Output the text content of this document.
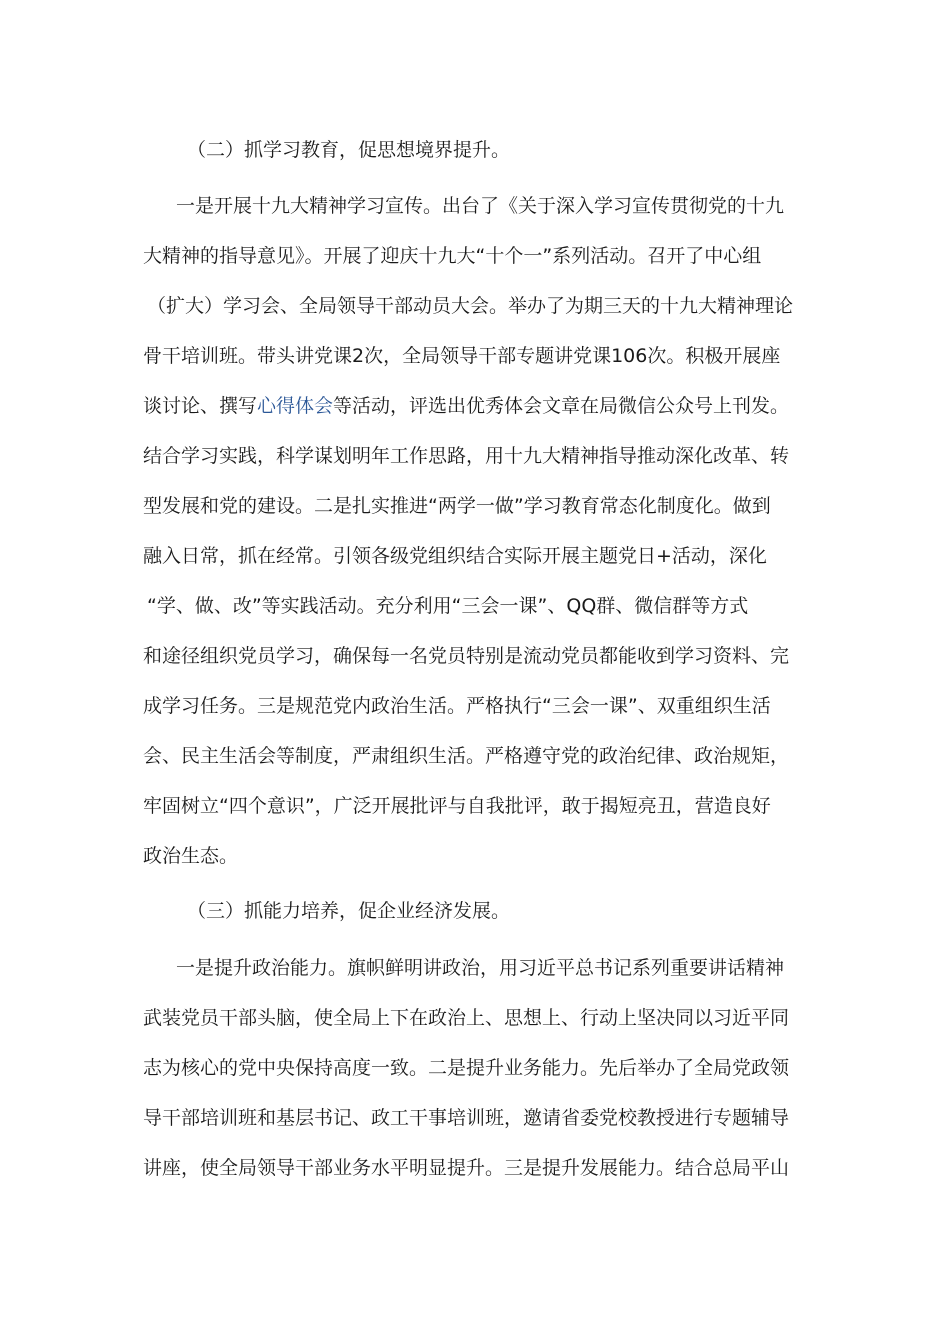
（二）抓学习教育，促思想境界提升。
一是开展十九大精神学习宣传。出台了《关于深入学习宣传贯彻党的十九
大精神的指导意见》。开展了迎庆十九大“十个一”系列活动。召开了中心组
（扩大）学习会、全局领导干部动员大会。举办了为期三天的十九大精神理论
骨干培训班。带头讲党课2次，全局领导干部专题讲党课106次。积极开展座
谈讨论、撰写心得体会等活动，评选出优秀体会文章在局微信公众号上刊发。
结合学习实践，科学谋划明年工作思路，用十九大精神指导推动深化改革、转
型发展和党的建设。二是扎实推进“两学一做”学习教育常态化制度化。做到
融入日常，抓在经常。引领各级党组织结合实际开展主题党日+活动，深化
“学、做、改”等实践活动。充分利用“三会一课”、QQ群、微信群等方式
和途径组织党员学习，确保每一名党员特别是流动党员都能收到学习资料、完
成学习任务。三是规范党内政治生活。严格执行“三会一课”、双重组织生活
会、民主生活会等制度，严肃组织生活。严格遵守党的政治纪律、政治规矩，
牢固树立“四个意识”，广泛开展批评与自我批评，敢于揭短亮丑，营造良好
政治生态。
（三）抓能力培养，促企业经济发展。
一是提升政治能力。旗帜鲜明讲政治，用习近平总书记系列重要讲话精神
武装党员干部头脑，使全局上下在政治上、思想上、行动上坚决同以习近平同
志为核心的党中央保持高度一致。二是提升业务能力。先后举办了全局党政领
导干部培训班和基层书记、政工干事培训班，邀请省委党校教授进行专题辅导
讲座，使全局领导干部业务水平明显提升。三是提升发展能力。结合总局平山
